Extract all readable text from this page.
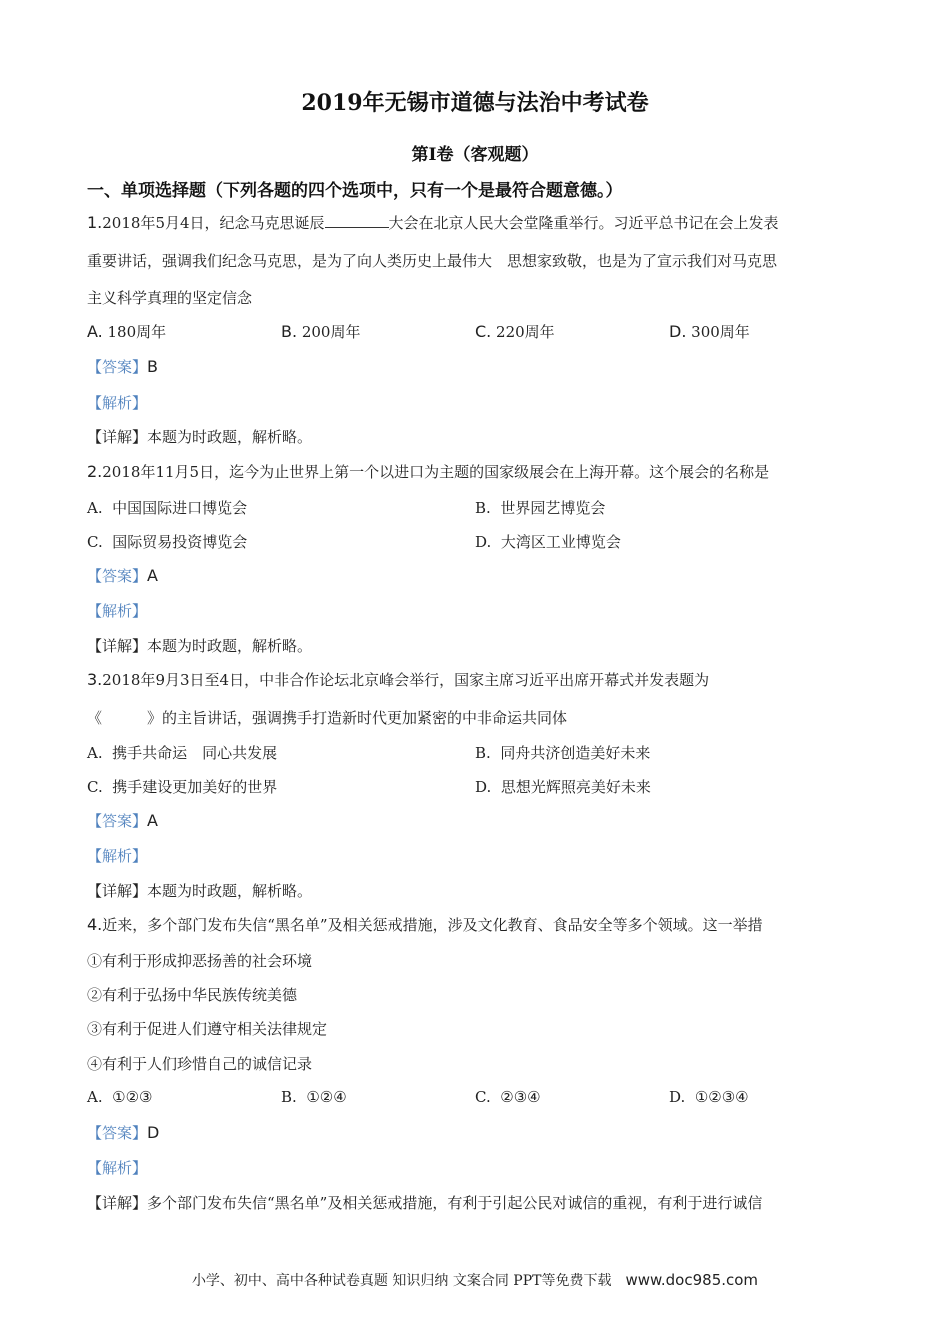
2019年无锡市道德与法治中考试卷
第Ⅰ卷（客观题）
一、单项选择题（下列各题的四个选项中，只有一个是最符合题意德。）
1.2018年5月4日，纪念马克思诞辰	大会在北京人民大会堂隆重举行。习近平总书记在会上发表
重要讲话，强调我们纪念马克思，是为了向人类历史上最伟大　思想家致敬，也是为了宣示我们对马克思
主义科学真理的坚定信念
A. 180周年	B. 200周年	C. 220周年	D. 300周年
【答案】B
【解析】
【详解】本题为时政题，解析略。
2.2018年11月5日，迄今为止世界上第一个以进口为主题的国家级展会在上海开幕。这个展会的名称是
A. 中国国际进口博览会	B. 世界园艺博览会
C. 国际贸易投资博览会	D. 大湾区工业博览会
【答案】A
【解析】
【详解】本题为时政题，解析略。
3.2018年9月3日至4日，中非合作论坛北京峰会举行，国家主席习近平出席开幕式并发表题为
《　　　》的主旨讲话，强调携手打造新时代更加紧密的中非命运共同体
A. 携手共命运　同心共发展	B. 同舟共济创造美好未来
C. 携手建设更加美好的世界	D. 思想光辉照亮美好未来
【答案】A
【解析】
【详解】本题为时政题，解析略。
4.近来，多个部门发布失信“黑名单”及相关惩戒措施，涉及文化教育、食品安全等多个领域。这一举措
①有利于形成抑恶扬善的社会环境
②有利于弘扬中华民族传统美德
③有利于促进人们遵守相关法律规定
④有利于人们珍惜自己的诚信记录
A. ①②③	B. ①②④	C. ②③④	D. ①②③④
【答案】D
【解析】
【详解】多个部门发布失信“黑名单”及相关惩戒措施，有利于引起公民对诚信的重视，有利于进行诚信
小学、初中、高中各种试卷真题 知识归纳 文案合同 PPT等免费下载 www.doc985.com
